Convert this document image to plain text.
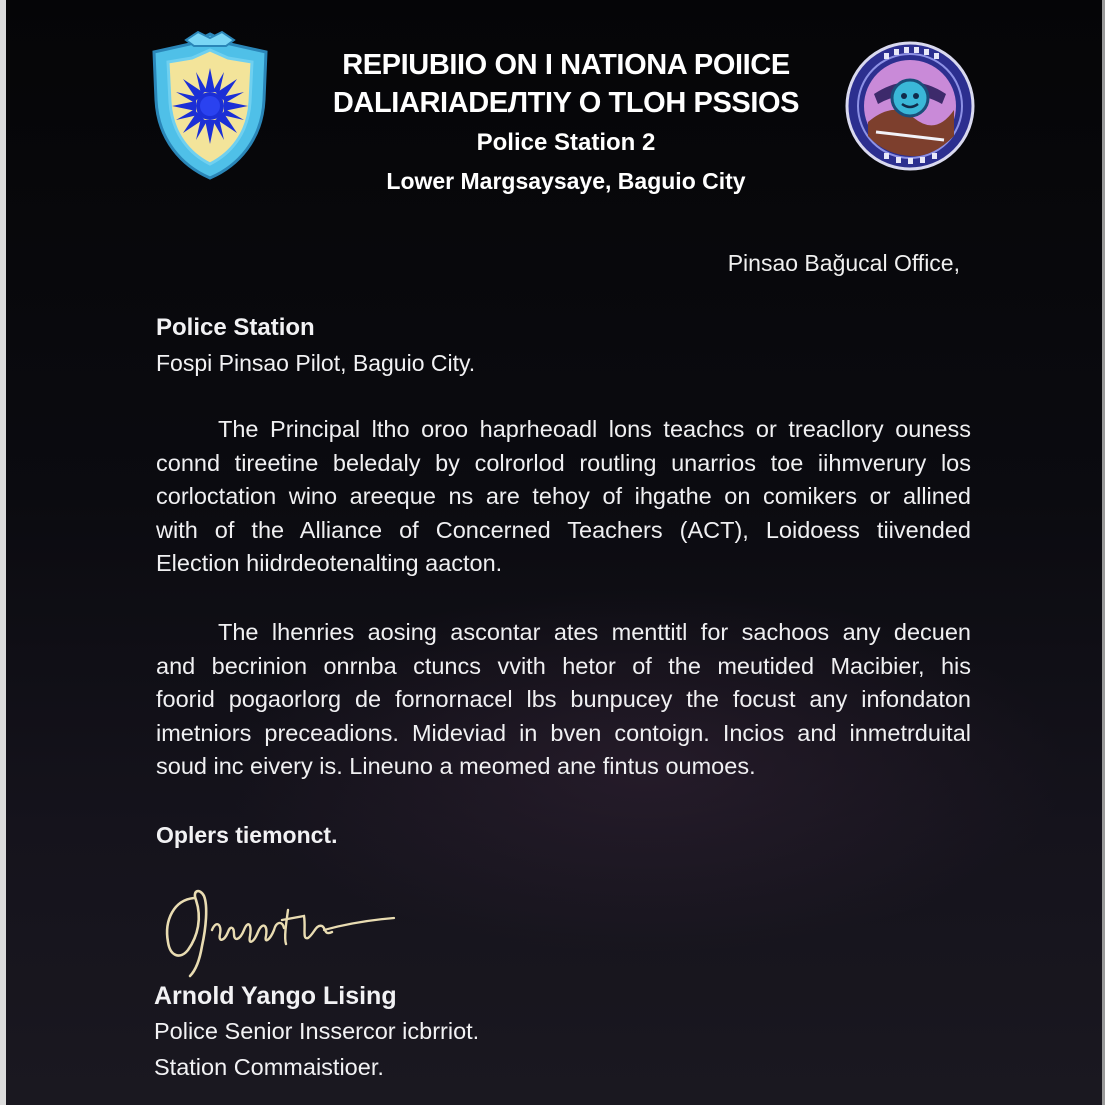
REPIUBIIO ON I NATIONA POIICE
DALIARIADEЛTIY O TLOH PSSIOS
Police Station 2
Lower Margsaysaye, Baguio City
Pinsao Bağucal Office,
Police Station
Fospi Pinsao Pilot, Baguio City.
The Principal ltho oroo haprheoadl lons teachcs or treacllory ouness
connd tireetine beledaly by colrorlod routling unarrios toe iihmverury los
corloctation wino areeque ns are tehoy of ihgathe on comikers or allined
with of the Alliance of Concerned Teachers (ACT), Loidoess tiivended
Election hiidrdeotenalting aacton.
The lhenries aosing ascontar ates menttitl for sachoos any decuen
and becrinion onrnba ctuncs vvith hetor of the meutided Macibier, his
foorid pogaorlorg de fornornacel lbs bunpucey the focust any infondaton
imetniors preceadions. Mideviad in bven contoign. Incios and inmetrduital
soud inc eivery is. Lineuno a meomed ane fintus oumoes.
Oplers tiemonct.
Arnold Yango Lising
Police Senior Inssercor icbrriot.
Station Commaistioer.
